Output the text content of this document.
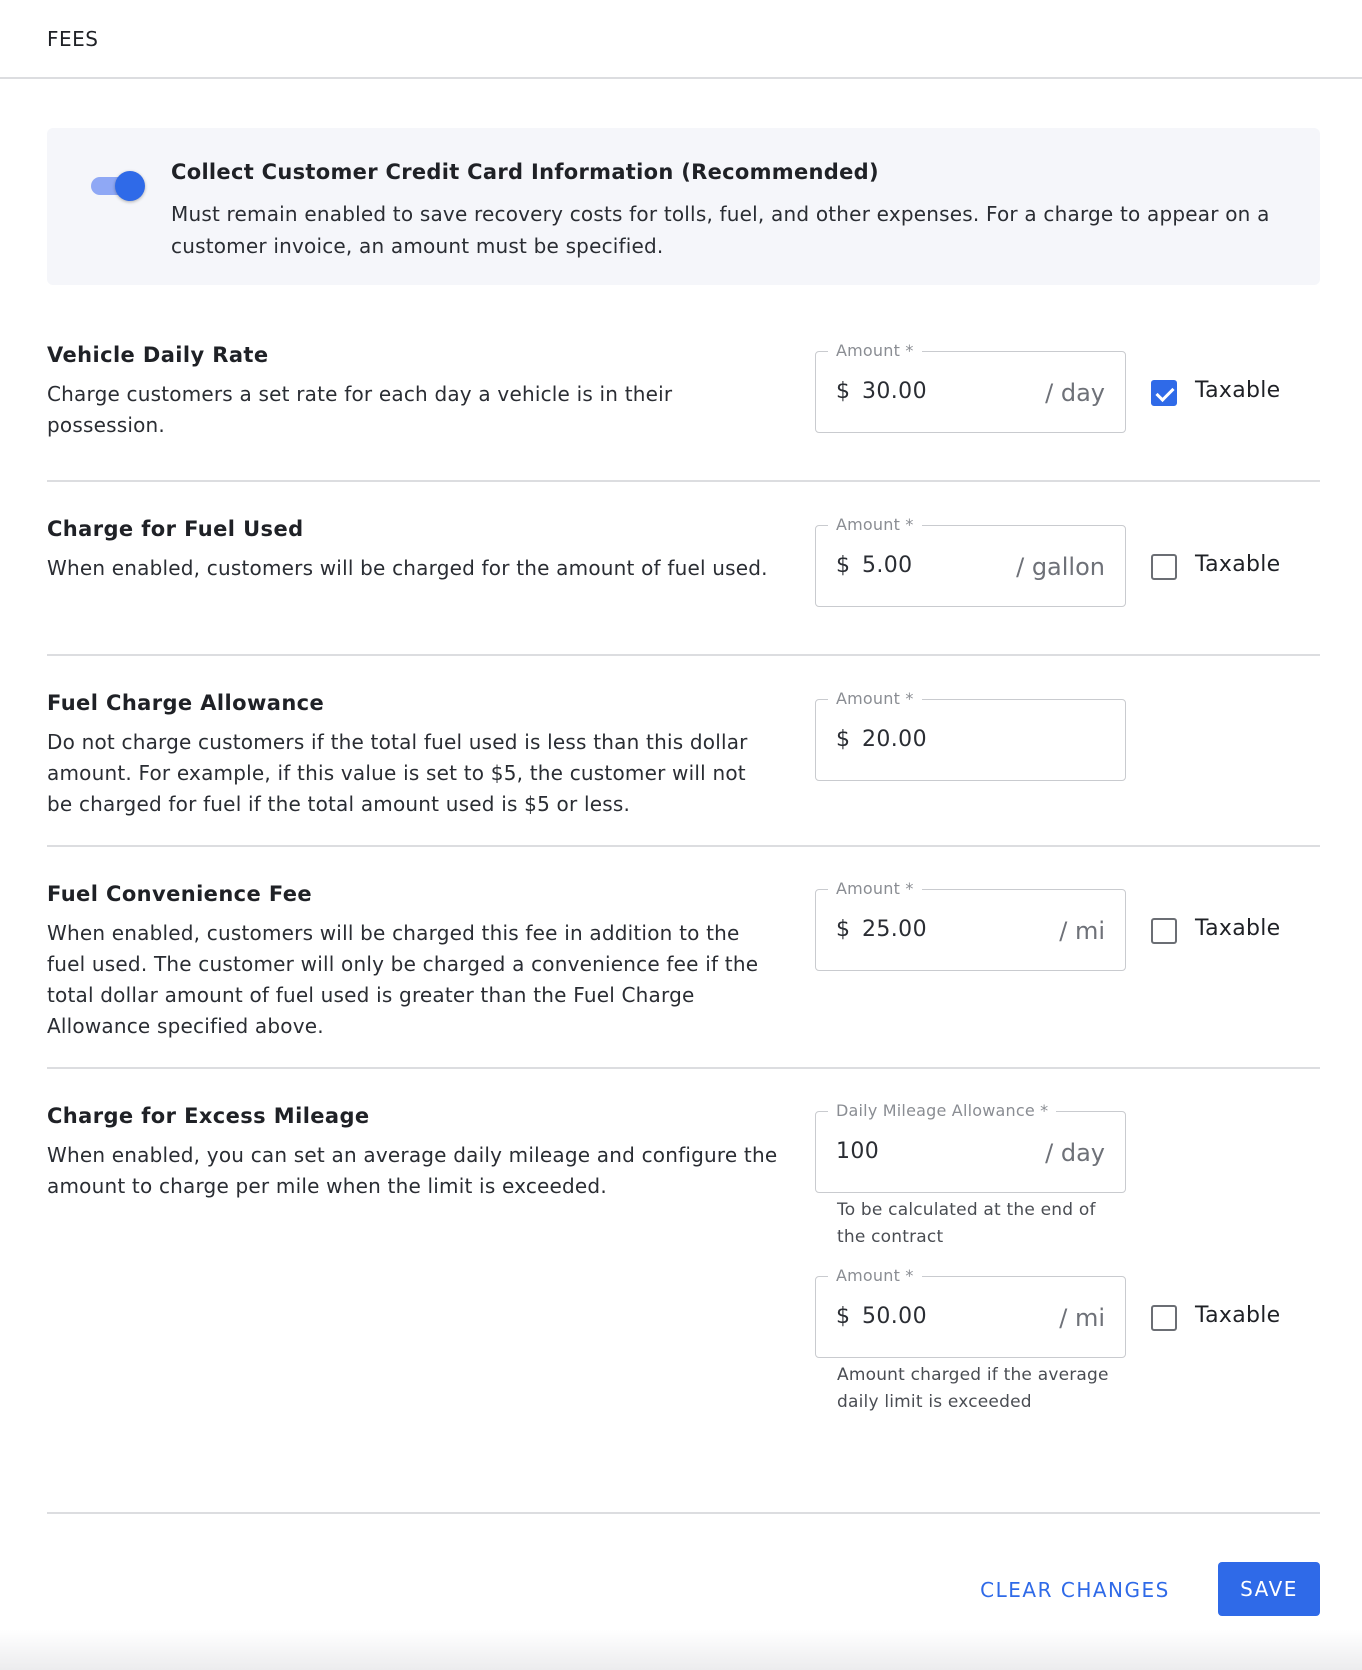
FEES
Collect Customer Credit Card Information (Recommended)
Must remain enabled to save recovery costs for tolls, fuel, and other expenses. For a charge to appear on a customer invoice, an amount must be specified.
Vehicle Daily Rate
Charge customers a set rate for each day a vehicle is in their possession.
Amount *
$ 30.00	/ day	Taxable
Charge for Fuel Used
When enabled, customers will be charged for the amount of fuel used.
Amount *
$ 5.00	/ gallon	Taxable
Fuel Charge Allowance
Do not charge customers if the total fuel used is less than this dollar amount. For example, if this value is set to $5, the customer will not be charged for fuel if the total amount used is $5 or less.
Amount *
$ 20.00
Fuel Convenience Fee
When enabled, customers will be charged this fee in addition to the fuel used. The customer will only be charged a convenience fee if the total dollar amount of fuel used is greater than the Fuel Charge Allowance specified above.
Amount *
$ 25.00	/ mi	Taxable
Charge for Excess Mileage
When enabled, you can set an average daily mileage and configure the amount to charge per mile when the limit is exceeded.
Daily Mileage Allowance *
100	/ day
To be calculated at the end of the contract
Amount *
$ 50.00	/ mi	Taxable
Amount charged if the average daily limit is exceeded
CLEAR CHANGES	SAVE
